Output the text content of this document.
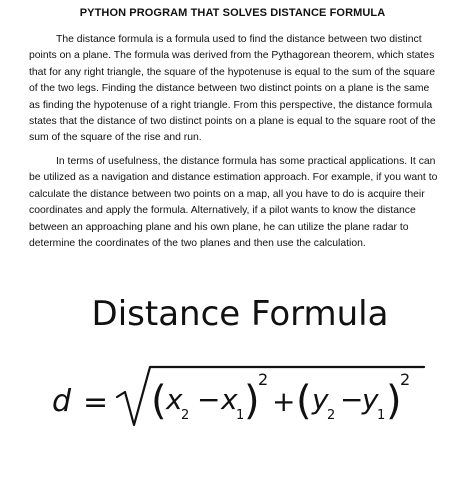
PYTHON PROGRAM THAT SOLVES DISTANCE FORMULA

The distance formula is a formula used to find the distance between two distinct points on a plane. The formula was derived from the Pythagorean theorem, which states that for any right triangle, the square of the hypotenuse is equal to the sum of the square of the two legs. Finding the distance between two distinct points on a plane is the same as finding the hypotenuse of a right triangle. From this perspective, the distance formula states that the distance of two distinct points on a plane is equal to the square root of the sum of the square of the rise and run.

In terms of usefulness, the distance formula has some practical applications. It can be utilized as a navigation and distance estimation approach. For example, if you want to calculate the distance between two points on a map, all you have to do is acquire their coordinates and apply the formula. Alternatively, if a pilot wants to know the distance between an approaching plane and his own plane, he can utilize the plane radar to determine the coordinates of the two planes and then use the calculation.

Distance Formula
d = ( x
2 − x
1 )
2
+ ( y
2 −
y
1 )
2
